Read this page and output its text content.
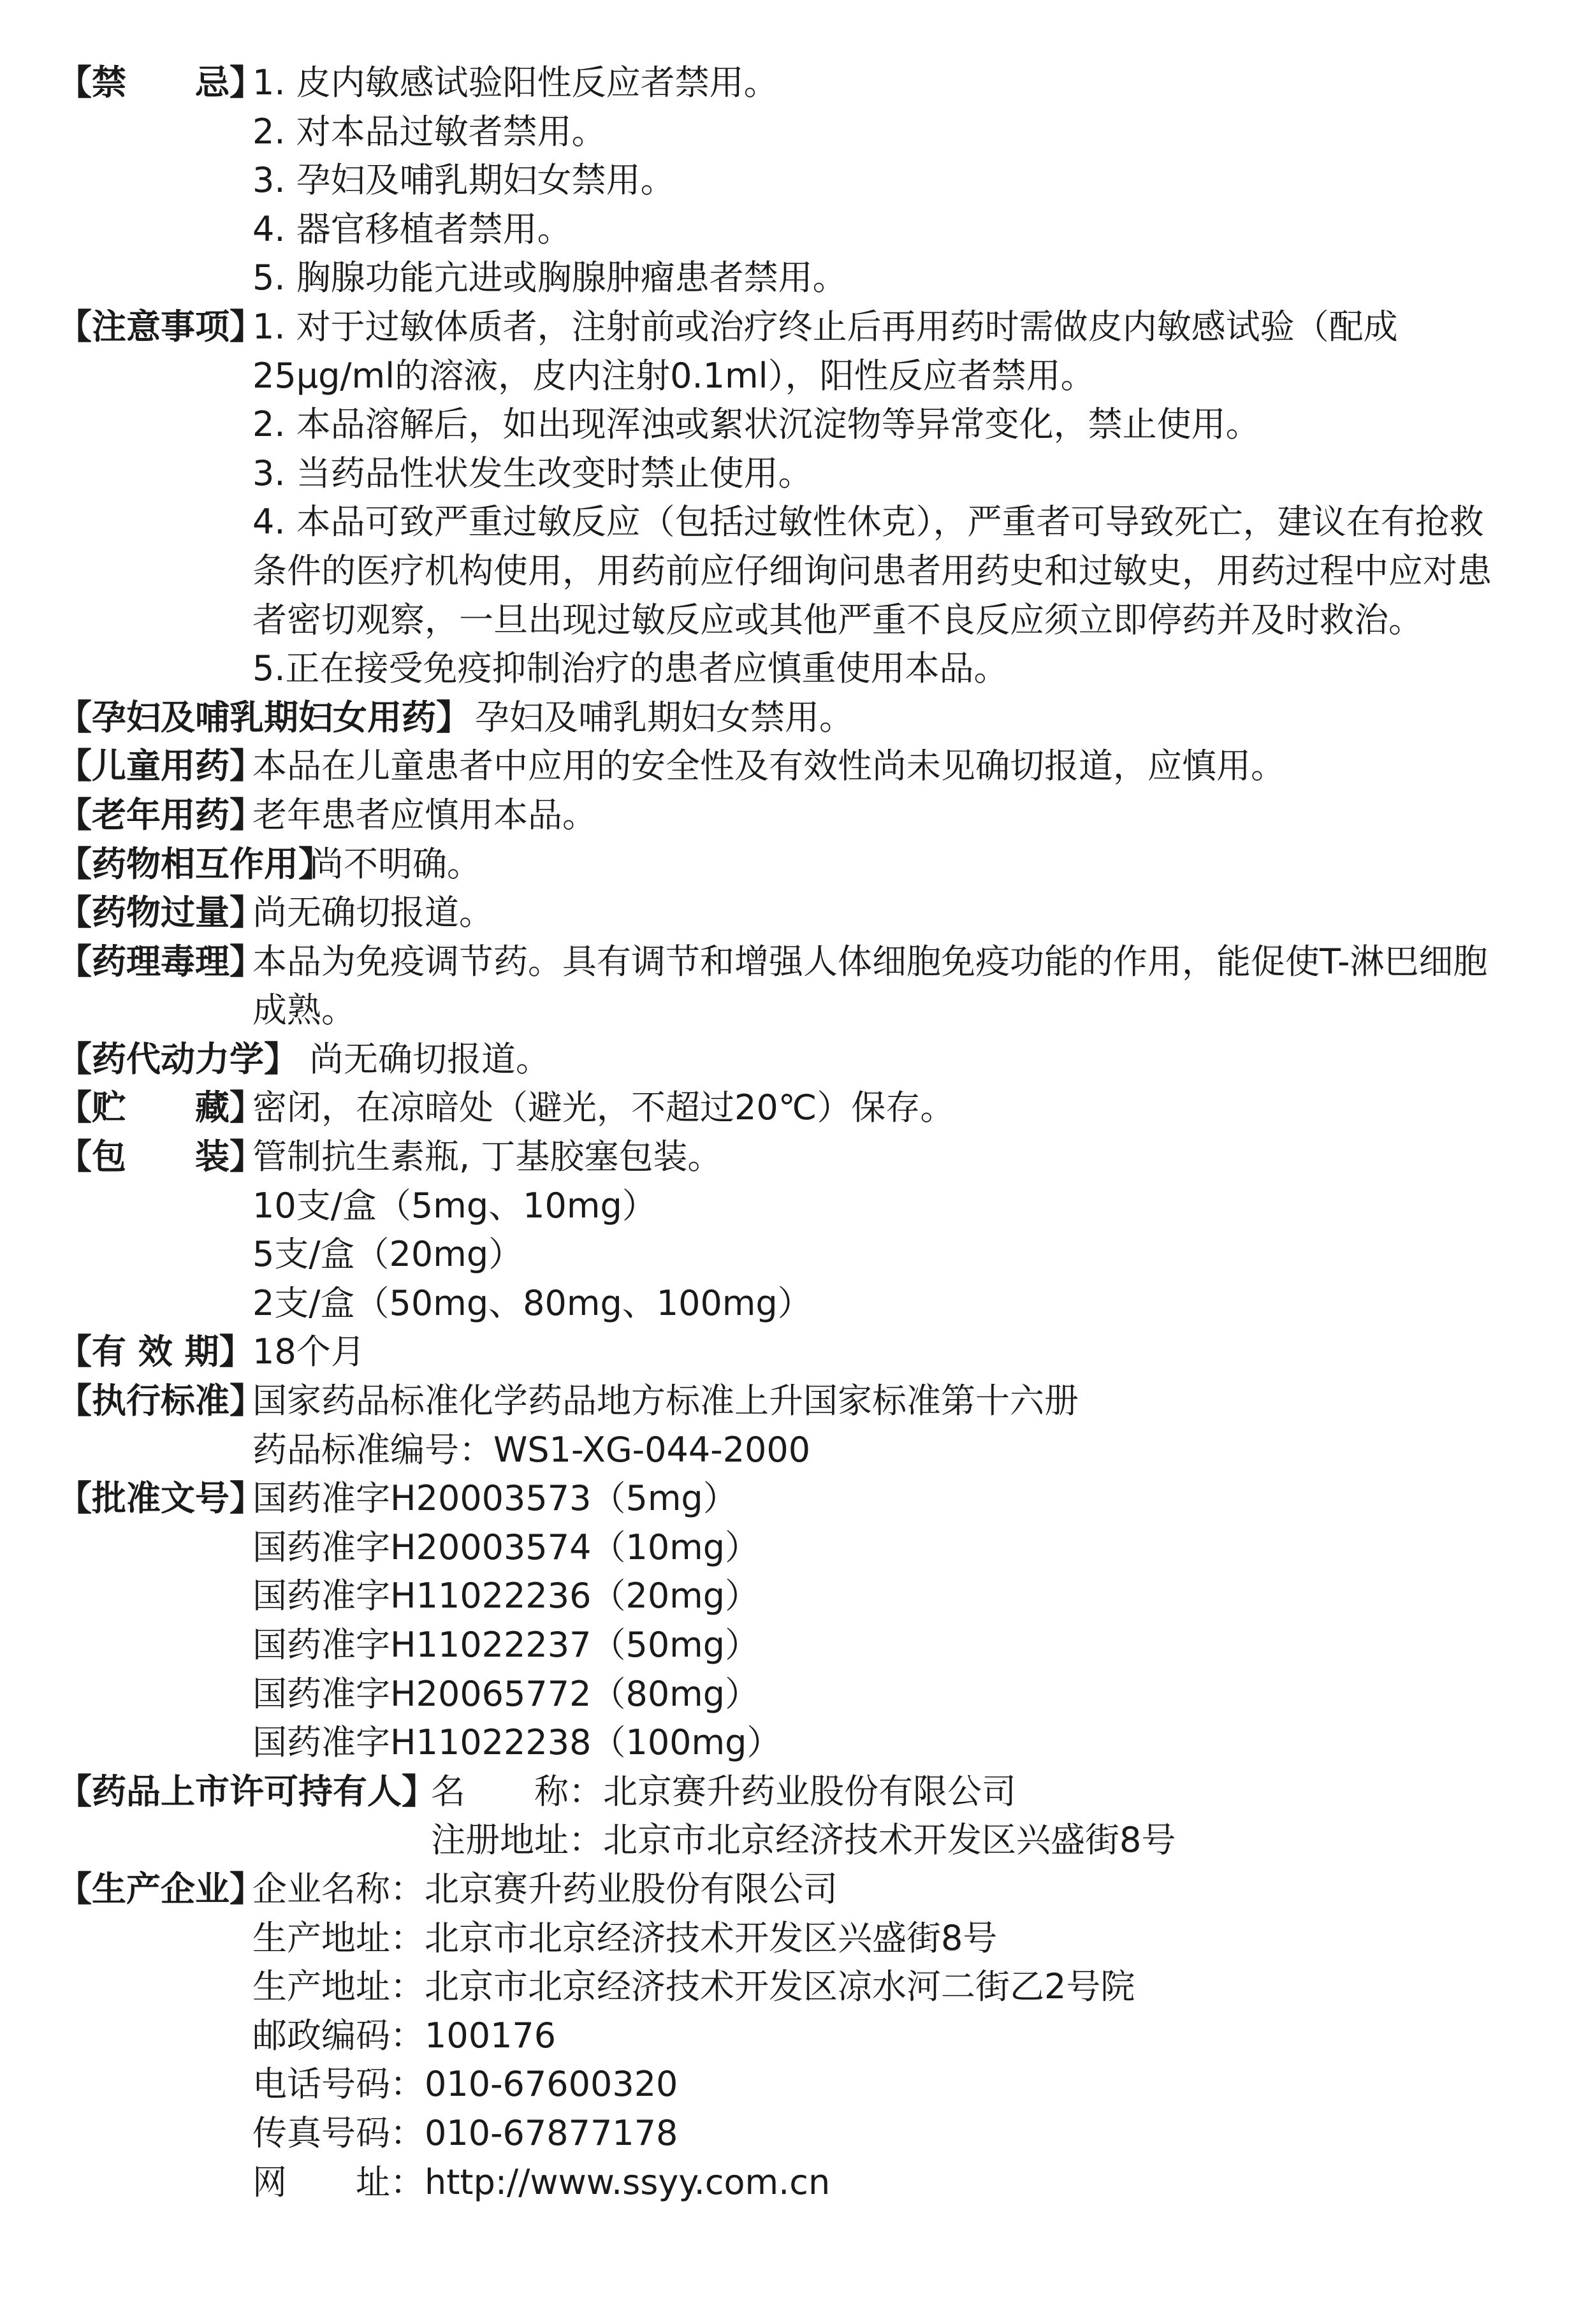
【禁　　忌】
1. 皮内敏感试验阳性反应者禁用。
2. 对本品过敏者禁用。
3. 孕妇及哺乳期妇女禁用。
4. 器官移植者禁用。
5. 胸腺功能亢进或胸腺肿瘤患者禁用。
【注意事项】
1. 对于过敏体质者，注射前或治疗终止后再用药时需做皮内敏感试验（配成
25μg/ml的溶液，皮内注射0.1ml），阳性反应者禁用。
2. 本品溶解后，如出现浑浊或絮状沉淀物等异常变化，禁止使用。
3. 当药品性状发生改变时禁止使用。
4. 本品可致严重过敏反应（包括过敏性休克），严重者可导致死亡，建议在有抢救
条件的医疗机构使用，用药前应仔细询问患者用药史和过敏史，用药过程中应对患
者密切观察，一旦出现过敏反应或其他严重不良反应须立即停药并及时救治。
5.正在接受免疫抑制治疗的患者应慎重使用本品。
【孕妇及哺乳期妇女用药】 孕妇及哺乳期妇女禁用。
【儿童用药】
本品在儿童患者中应用的安全性及有效性尚未见确切报道，应慎用。
【老年用药】
老年患者应慎用本品。
【药物相互作用】
尚不明确。
【药物过量】
尚无确切报道。
【药理毒理】
本品为免疫调节药。具有调节和增强人体细胞免疫功能的作用，能促使T-淋巴细胞
成熟。
【药代动力学】 尚无确切报道。
【贮　　藏】
密闭，在凉暗处（避光，不超过20℃）保存。
【包　　装】
管制抗生素瓶, 丁基胶塞包装。
10支/盒（5mg、10mg）
5支/盒（20mg）
2支/盒（50mg、80mg、100mg）
【有 效 期】
18个月
【执行标准】
国家药品标准化学药品地方标准上升国家标准第十六册
药品标准编号：WS1-XG-044-2000
【批准文号】
国药准字H20003573（5mg）
国药准字H20003574（10mg）
国药准字H11022236（20mg）
国药准字H11022237（50mg）
国药准字H20065772（80mg）
国药准字H11022238（100mg）
【药品上市许可持有人】
名　　称：北京赛升药业股份有限公司
注册地址：北京市北京经济技术开发区兴盛街8号
【生产企业】
企业名称：北京赛升药业股份有限公司
生产地址：北京市北京经济技术开发区兴盛街8号
生产地址：北京市北京经济技术开发区凉水河二街乙2号院
邮政编码：100176
电话号码：010-67600320
传真号码：010-67877178
网　　址：http://www.ssyy.com.cn
